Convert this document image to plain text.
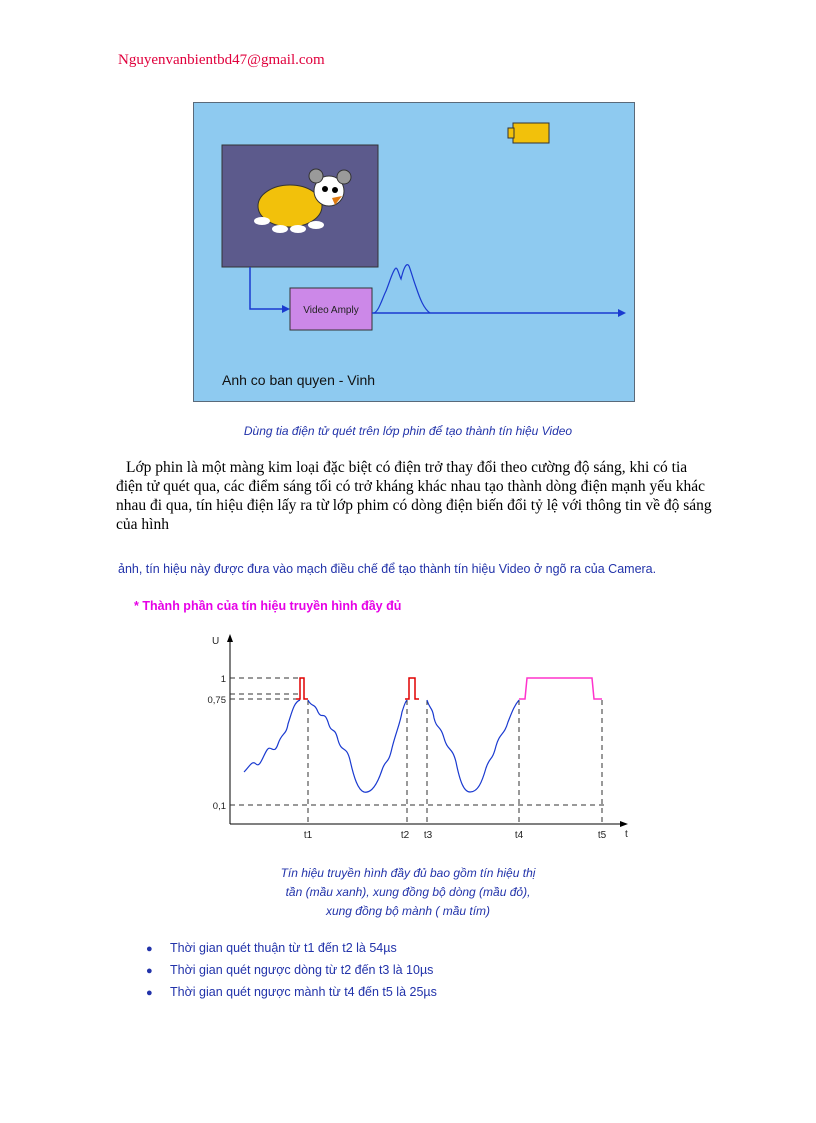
Nguyenvanbientbd47@gmail.com
Video Amply
Anh co ban quyen - Vinh
Dùng tia điện tử quét trên lớp phin để tạo thành tín hiệu Video
Lớp phin là một màng kim loại đặc biệt có điện trở thay đổi theo cường độ sáng, khi có tia điện tử quét qua, các điểm sáng tối có trở kháng khác nhau tạo thành dòng điện mạnh yếu khác nhau đi qua, tín hiệu điện lấy ra từ lớp phim có dòng điện biến đổi tỷ lệ với thông tin về độ sáng của hình
ảnh, tín hiệu này được đưa vào mạch điều chế để tạo thành tín hiệu Video ở ngõ ra của Camera.
* Thành phần của tín hiệu truyền hình đầy đủ
U
t
1
0,75
0,1
t1	t2 t3	t4	t5
Tín hiệu truyền hình đầy đủ bao gồm tín hiệu thị
tần (mầu xanh), xung đồng bộ dòng (mầu đỏ),
xung đồng bộ mành ( mầu tím)
● Thời gian quét thuận từ t1 đến t2 là 54µs
● Thời gian quét ngược dòng từ t2 đến t3 là 10µs
● Thời gian quét ngược mành từ t4 đến t5 là 25µs
